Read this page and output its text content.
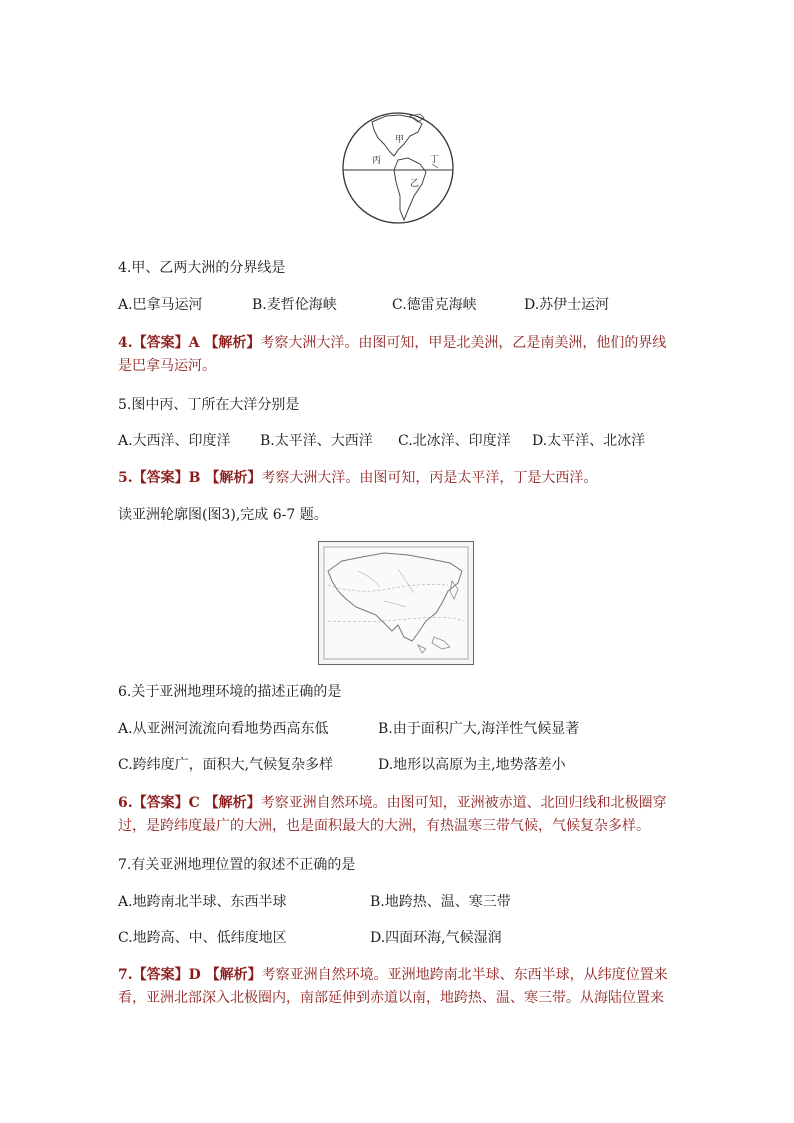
甲
乙
丙	丁
4.甲、乙两大洲的分界线是
A.巴拿马运河	B.麦哲伦海峡	C.德雷克海峡	D.苏伊士运河
4.【答案】A 【解析】考察大洲大洋。由图可知，甲是北美洲，乙是南美洲，他们的界线是巴拿马运河。
5.图中丙、丁所在大洋分别是
A.大西洋、印度洋 B.太平洋、大西洋 C.北冰洋、印度洋 D.太平洋、北冰洋
5.【答案】B 【解析】考察大洲大洋。由图可知，丙是太平洋，丁是大西洋。
读亚洲轮廓图(图3),完成 6-7 题。
6.关于亚洲地理环境的描述正确的是
A.从亚洲河流流向看地势西高东低	B.由于面积广大,海洋性气候显著
C.跨纬度广，面积大,气候复杂多样	D.地形以高原为主,地势落差小
6.【答案】C 【解析】考察亚洲自然环境。由图可知，亚洲被赤道、北回归线和北极圈穿过，是跨纬度最广的大洲，也是面积最大的大洲，有热温寒三带气候，气候复杂多样。
7.有关亚洲地理位置的叙述不正确的是
A.地跨南北半球、东西半球	B.地跨热、温、寒三带
C.地跨高、中、低纬度地区	D.四面环海,气候湿润
7.【答案】D 【解析】考察亚洲自然环境。亚洲地跨南北半球、东西半球，从纬度位置来看，亚洲北部深入北极圈内，南部延伸到赤道以南，地跨热、温、寒三带。从海陆位置来
